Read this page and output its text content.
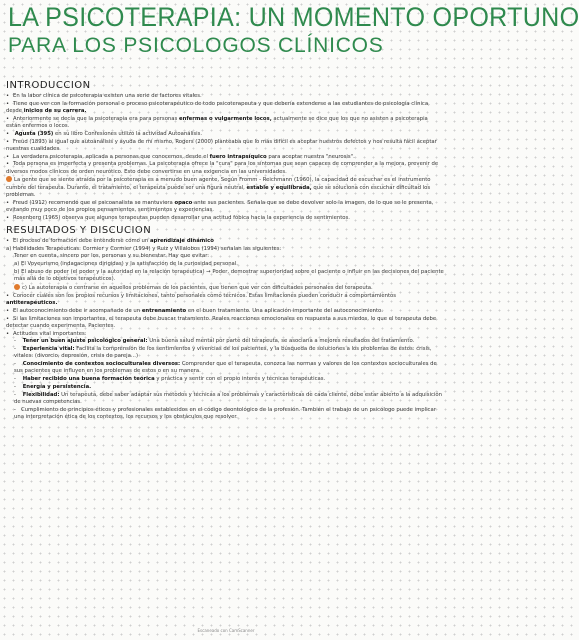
LA PSICOTERAPIA: UN MOMENTO OPORTUNO
PARA LOS PSICOLOGOS CLÍNICOS
INTRODUCCION
• En la labor clínica de psicoterapia existen una serie de factores vitales.
• Tiene que ver con la formación personal o proceso psicoterapéutico de todo psicoterapeuta y que debería extenderse a las estudiantes de psicología clínica, desde inicios de su carrera.
• Anteriormente se decía que la psicoterapia era para personas enfermas o vulgarmente locos, actualmente se dice que los que no asisten a psicoterapia están enfermos o locos.
• Agusta (395) en su libro Confesiones utilizó la actividad Autoanálisis.
• Freud (1893) al igual que autoanálisis y ayuda de mí mismo, Rogers (2000) planteaba que lo más difícil es aceptar nuestros defectos y nos resulta fácil aceptar nuestras cualidades.
• La verdadera psicoterapia, aplicada a personas que conocemos, desde el fuero intrapsíquico para aceptar nuestra "neurosis".
• Toda persona es imperfecta y presenta problemas. La psicoterapia ofrece la "cura" para los síntomas que sean capaces de comprender a la mejora, prevenir de diversos modos clínicos de orden neurótico. Esto debe convertirse en una exigencia en las universidades.
La gente que se siente atraída por la psicoterapia es a menudo buen agente, Según Fromm - Reichmann (1960), la capacidad de escuchar es el instrumento cumbre del terapeuta. Durante, el tratamiento, el terapeuta puede ser una figura neutral, estable y equilibrada, que se soluciona con escuchar dificultad los problemas.
• Freud (1912) recomendó que el psicoanalista se mantuviera opaco ante sus pacientes. Señala que se debe devolver solo la imagen, de lo que se le presenta, evitando muy poco de los propios pensamientos, sentimientos y experiencias.
• Rosenberg (1965) observa que algunos terapeutas pueden desarrollar una actitud fóbica hacia la experiencia de sentimientos.
RESULTADOS Y DISCUCION
• El proceso de formación debe entenderse como un aprendizaje dinámico
a) Habilidades Terapéuticas: Cormier y Cormier (1994) y Ruiz y Villalobos (1994) señalan las siguientes:
Tener en cuenta, sincero por los, personas y su bienestar. Hay que evitar:
a) El Voyeurismo (indagaciones dirigidas) y la satisfacción de la curiosidad personal.
b) El abuso de poder (el poder y la autoridad en la relación terapéutica) → Poder, demostrar superioridad sobre el paciente o influir en las decisiones del paciente más allá de lo objetivos terapéuticos).
c) La autoterapia o centrarse en aquellos problemas de los pacientes, que tienen que ver con dificultades personales del terapeuta.
• Conocer cuáles son los propios recursos y limitaciones, tanto personales como técnicos. Estas limitaciones pueden conducir a comportamientos antiterapéuticos.
• El autoconocimiento debe ir acompañado de un entrenamiento en el buen tratamiento. Una aplicación importante del autoconocimiento.
• Si las limitaciones son importantes, el terapeuta debe buscar tratamiento. Reales reacciones emocionales en respuesta a sus miedos, lo que el terapeuta debe detectar cuando experimenta. Pacientes.
• Actitudes vital importantes:
- Tener un buen ajuste psicológico general: Una buena salud mental por parte del terapeuta, se asociaría a mejores resultados del tratamiento.
- Experiencia vital: Facilita la comprensión de los sentimientos y vivencias de los pacientes, y la búsqueda de soluciones a los problemas de estos: crisis, vitales: (divorcio, depresión, crisis de pareja...)
- Conocimiento de contextos socioculturales diversos: Comprender que el terapeuta, conozca las normas y valores de los contextos socioculturales de sus pacientes que influyen en los problemas de estos o en su manera.
- Haber recibido una buena formación teórica y práctica y sentir con el propio interés y técnicas terapéuticas.
- Energía y persistencia.
- Flexibilidad: Un terapeuta, debe saber adaptar sus métodos y técnicas a los problemas y características de cada cliente, debe estar abierto a la adquisición de nuevas competencias.
- Cumplimiento de principios éticos y profesionales establecidos en el código deontológico de la profesión. También el trabajo de un psicólogo puede implicar una interpretación ética de los contextos, los recursos y los obstáculos que resolver.
Escaneado con CamScanner
